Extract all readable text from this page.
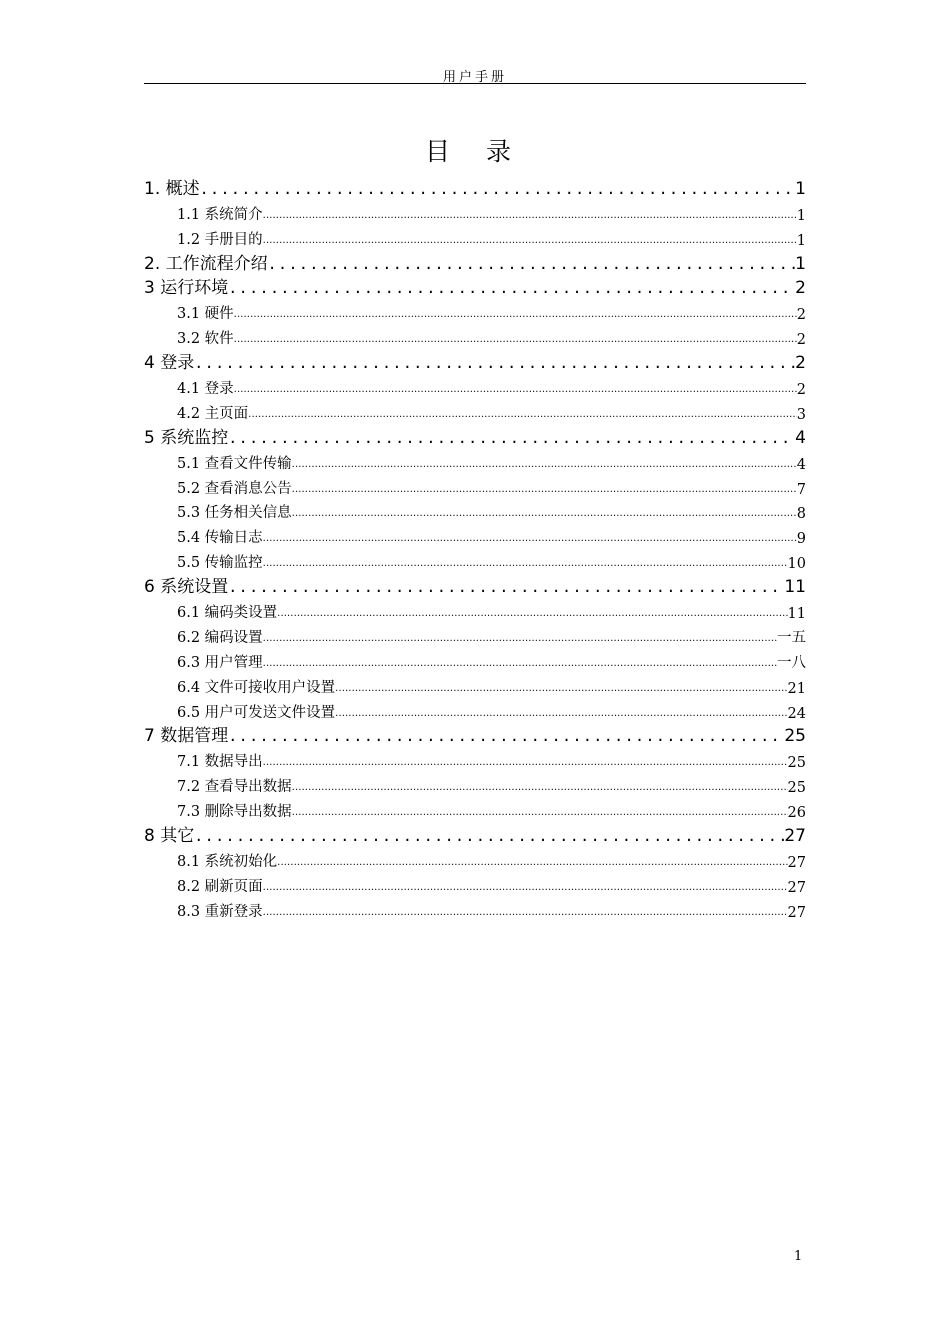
用户手册
目 录
1. 概述 .....	1
1.1 系统简介 .....	1
1.2 手册目的 .....	1
2. 工作流程介绍 .....	1
3 运行环境 .....	2
3.1 硬件 .....	2
3.2 软件 .....	2
4 登录 .....	2
4.1 登录 .....	2
4.2 主页面 .....	3
5 系统监控 .....	4
5.1 查看文件传输 .....	4
5.2 查看消息公告 .....	7
5.3 任务相关信息 .....	8
5.4 传输日志 .....	9
5.5 传输监控 .....	10
6 系统设置 .....	11
6.1 编码类设置 .....	11
6.2 编码设置 .....	一五
6.3 用户管理 .....	一八
6.4 文件可接收用户设置 .....	21
6.5 用户可发送文件设置 .....	24
7 数据管理 .....	25
7.1 数据导出 .....	25
7.2 查看导出数据 .....	25
7.3 删除导出数据 .....	26
8 其它 .....	27
8.1 系统初始化 .....	27
8.2 刷新页面 .....	27
8.3 重新登录 .....	27
1
